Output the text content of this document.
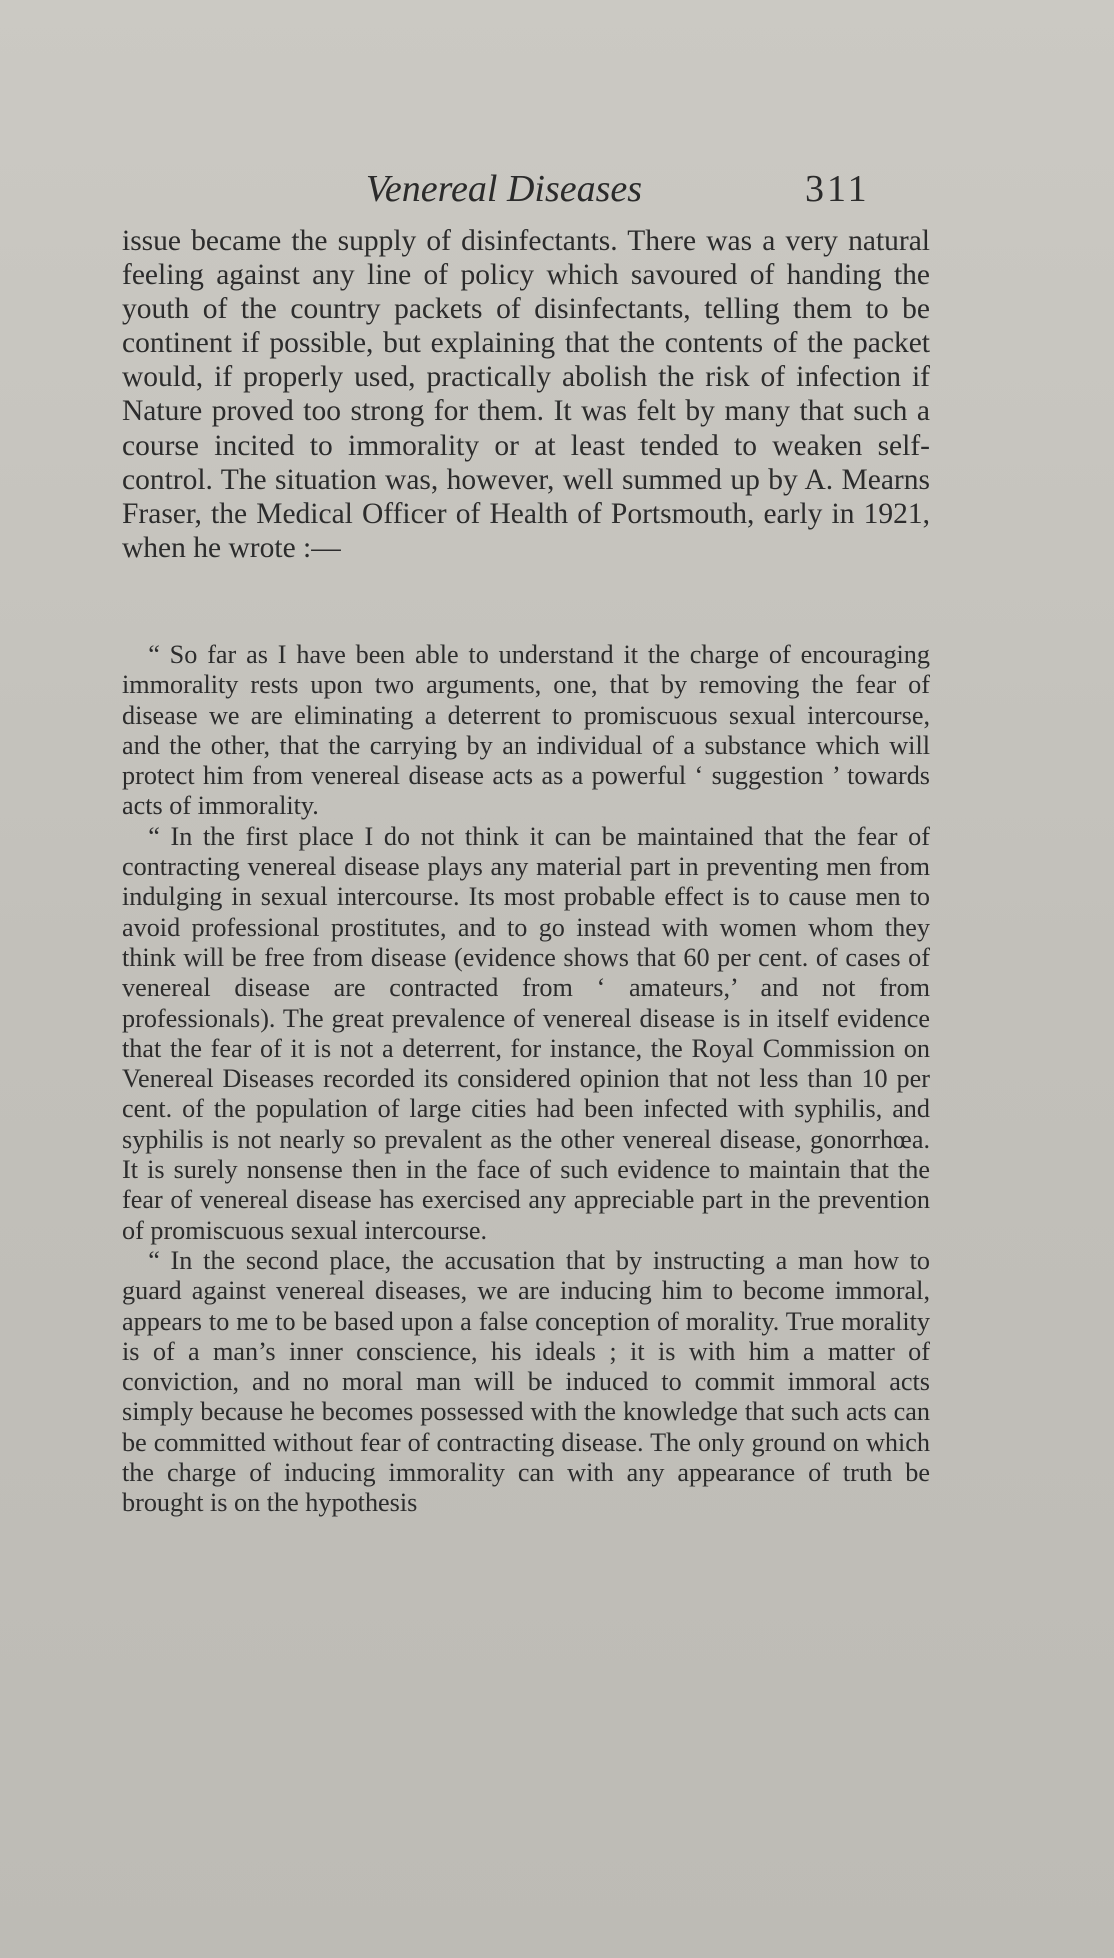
Venereal Diseases	311

issue became the supply of disinfectants. There was a very natural feeling against any line of policy which savoured of handing the youth of the country packets of disinfectants, telling them to be continent if possible, but explaining that the contents of the packet would, if properly used, practically abolish the risk of infection if Nature proved too strong for them. It was felt by many that such a course incited to immorality or at least tended to weaken self-control. The situation was, however, well summed up by A. Mearns Fraser, the Medical Officer of Health of Portsmouth, early in 1921, when he wrote :—

“ So far as I have been able to understand it the charge of encouraging immorality rests upon two arguments, one, that by removing the fear of disease we are eliminating a deterrent to promiscuous sexual intercourse, and the other, that the carrying by an individual of a substance which will protect him from venereal disease acts as a powerful ‘ suggestion ’ towards acts of immorality.

“ In the first place I do not think it can be maintained that the fear of contracting venereal disease plays any material part in preventing men from indulging in sexual intercourse. Its most probable effect is to cause men to avoid professional prostitutes, and to go instead with women whom they think will be free from disease (evidence shows that 60 per cent. of cases of venereal disease are contracted from ‘ amateurs,’ and not from professionals). The great prevalence of venereal disease is in itself evidence that the fear of it is not a deterrent, for instance, the Royal Commission on Venereal Diseases recorded its considered opinion that not less than 10 per cent. of the population of large cities had been infected with syphilis, and syphilis is not nearly so prevalent as the other venereal disease, gonorrhœa. It is surely nonsense then in the face of such evidence to maintain that the fear of venereal disease has exercised any appreciable part in the prevention of promiscuous sexual intercourse.

“ In the second place, the accusation that by instructing a man how to guard against venereal diseases, we are inducing him to become immoral, appears to me to be based upon a false conception of morality. True morality is of a man’s inner conscience, his ideals ; it is with him a matter of conviction, and no moral man will be induced to commit immoral acts simply because he becomes possessed with the knowledge that such acts can be committed without fear of contracting disease. The only ground on which the charge of inducing immorality can with any appearance of truth be brought is on the hypothesis
